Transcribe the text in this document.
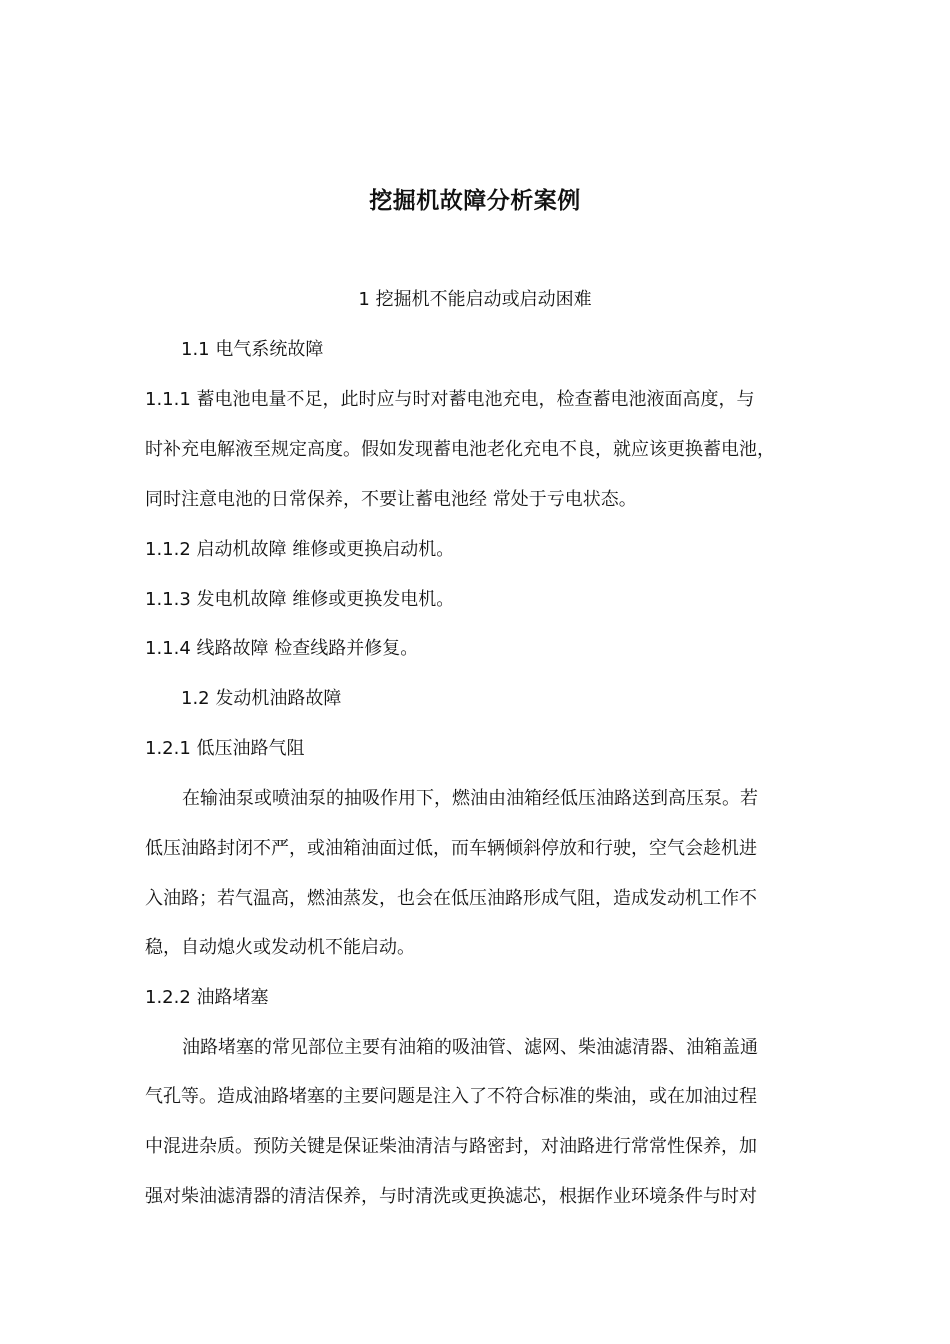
挖掘机故障分析案例
1 挖掘机不能启动或启动困难
1.1 电气系统故障
1.1.1 蓄电池电量不足，此时应与时对蓄电池充电，检查蓄电池液面高度，与
时补充电解液至规定高度。假如发现蓄电池老化充电不良，就应该更换蓄电池，
同时注意电池的日常保养，不要让蓄电池经 常处于亏电状态。
1.1.2 启动机故障 维修或更换启动机。
1.1.3 发电机故障 维修或更换发电机。
1.1.4 线路故障 检查线路并修复。
1.2 发动机油路故障
1.2.1 低压油路气阻
在输油泵或喷油泵的抽吸作用下，燃油由油箱经低压油路送到高压泵。若
低压油路封闭不严，或油箱油面过低，而车辆倾斜停放和行驶，空气会趁机进
入油路；若气温高，燃油蒸发，也会在低压油路形成气阻，造成发动机工作不
稳，自动熄火或发动机不能启动。
1.2.2 油路堵塞
油路堵塞的常见部位主要有油箱的吸油管、滤网、柴油滤清器、油箱盖通
气孔等。造成油路堵塞的主要问题是注入了不符合标准的柴油，或在加油过程
中混进杂质。预防关键是保证柴油清洁与路密封，对油路进行常常性保养，加
强对柴油滤清器的清洁保养，与时清洗或更换滤芯，根据作业环境条件与时对
